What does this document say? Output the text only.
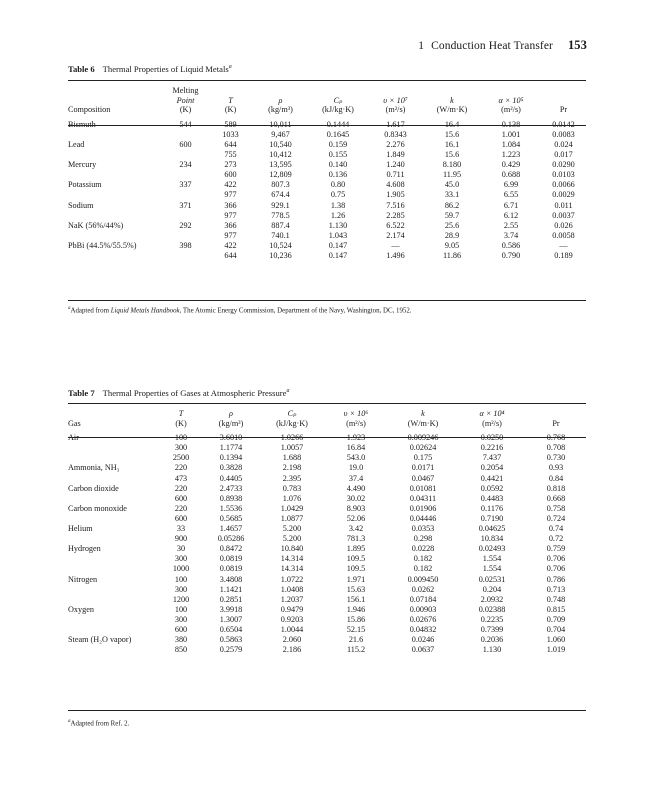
1 Conduction Heat Transfer 153
Table 6 Thermal Properties of Liquid Metals$^a$
	Melting							
	Point	T	ρ	Cₚ	υ × 10⁷	k	α × 10⁵	
Composition	(K)	(K)	(kg/m³)	(kJ/kg·K)	(m²/s)	(W/m·K)	(m²/s)	Pr

Bismuth	544	589	10,011	0.1444	1.617	16.4	0.138	0.0142
		1033	9,467	0.1645	0.8343	15.6	1.001	0.0083
Lead	600	644	10,540	0.159	2.276	16.1	1.084	0.024
		755	10,412	0.155	1.849	15.6	1.223	0.017
Mercury	234	273	13,595	0.140	1.240	8.180	0.429	0.0290
		600	12,809	0.136	0.711	11.95	0.688	0.0103
Potassium	337	422	807.3	0.80	4.608	45.0	6.99	0.0066
		977	674.4	0.75	1.905	33.1	6.55	0.0029
Sodium	371	366	929.1	1.38	7.516	86.2	6.71	0.011
		977	778.5	1.26	2.285	59.7	6.12	0.0037
NaK (56%/44%)	292	366	887.4	1.130	6.522	25.6	2.55	0.026
		977	740.1	1.043	2.174	28.9	3.74	0.0058
PbBi (44.5%/55.5%)	398	422	10,524	0.147	—	9.05	0.586	—
		644	10,236	0.147	1.496	11.86	0.790	0.189
$^a$Adapted from Liquid Metals Handbook, The Atomic Energy Commission, Department of the Navy, Washington, DC, 1952.
Table 7 Thermal Properties of Gases at Atmospheric Pressure$^a$
	T	ρ	Cₚ	υ × 10⁶	k	α × 10⁴	
Gas	(K)	(kg/m³)	(kJ/kg·K)	(m²/s)	(W/m·K)	(m²/s)	Pr

Air	100	3.6010	1.0266	1.923	0.009246	0.0250	0.768
	300	1.1774	1.0057	16.84	0.02624	0.2216	0.708
	2500	0.1394	1.688	543.0	0.175	7.437	0.730
Ammonia, NH₃	220	0.3828	2.198	19.0	0.0171	0.2054	0.93
	473	0.4405	2.395	37.4	0.0467	0.4421	0.84
Carbon dioxide	220	2.4733	0.783	4.490	0.01081	0.0592	0.818
	600	0.8938	1.076	30.02	0.04311	0.4483	0.668
Carbon monoxide	220	1.5536	1.0429	8.903	0.01906	0.1176	0.758
	600	0.5685	1.0877	52.06	0.04446	0.7190	0.724
Helium	33	1.4657	5.200	3.42	0.0353	0.04625	0.74
	900	0.05286	5.200	781.3	0.298	10.834	0.72
Hydrogen	30	0.8472	10.840	1.895	0.0228	0.02493	0.759
	300	0.0819	14.314	109.5	0.182	1.554	0.706
	1000	0.0819	14.314	109.5	0.182	1.554	0.706
Nitrogen	100	3.4808	1.0722	1.971	0.009450	0.02531	0.786
	300	1.1421	1.0408	15.63	0.0262	0.204	0.713
	1200	0.2851	1.2037	156.1	0.07184	2.0932	0.748
Oxygen	100	3.9918	0.9479	1.946	0.00903	0.02388	0.815
	300	1.3007	0.9203	15.86	0.02676	0.2235	0.709
	600	0.6504	1.0044	52.15	0.04832	0.7399	0.704
Steam (H₂O vapor)	380	0.5863	2.060	21.6	0.0246	0.2036	1.060
	850	0.2579	2.186	115.2	0.0637	1.130	1.019
$^a$Adapted from Ref. 2.
